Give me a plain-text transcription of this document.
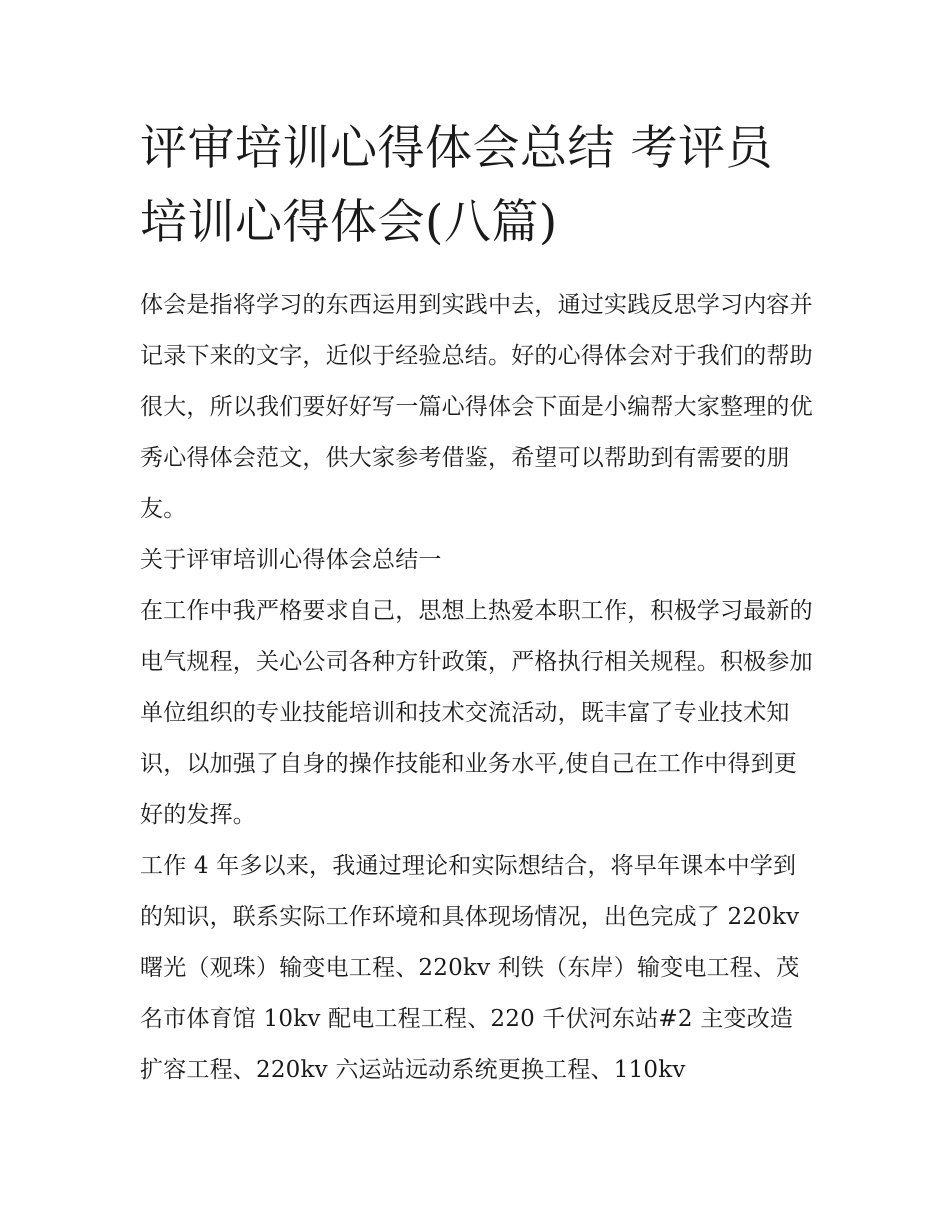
评审培训心得体会总结 考评员培训心得体会(八篇)

体会是指将学习的东西运用到实践中去，通过实践反思学习内容并记录下来的文字，近似于经验总结。好的心得体会对于我们的帮助很大，所以我们要好好写一篇心得体会下面是小编帮大家整理的优秀心得体会范文，供大家参考借鉴，希望可以帮助到有需要的朋友。

关于评审培训心得体会总结一

在工作中我严格要求自己，思想上热爱本职工作，积极学习最新的电气规程，关心公司各种方针政策，严格执行相关规程。积极参加单位组织的专业技能培训和技术交流活动，既丰富了专业技术知识，以加强了自身的操作技能和业务水平,使自己在工作中得到更好的发挥。

工作 4 年多以来，我通过理论和实际想结合，将早年课本中学到的知识，联系实际工作环境和具体现场情况，出色完成了 220kv 曙光（观珠）输变电工程、220kv 利铁（东岸）输变电工程、茂名市体育馆 10kv 配电工程工程、220 千伏河东站#2 主变改造扩容工程、220kv 六运站远动系统更换工程、110kv
